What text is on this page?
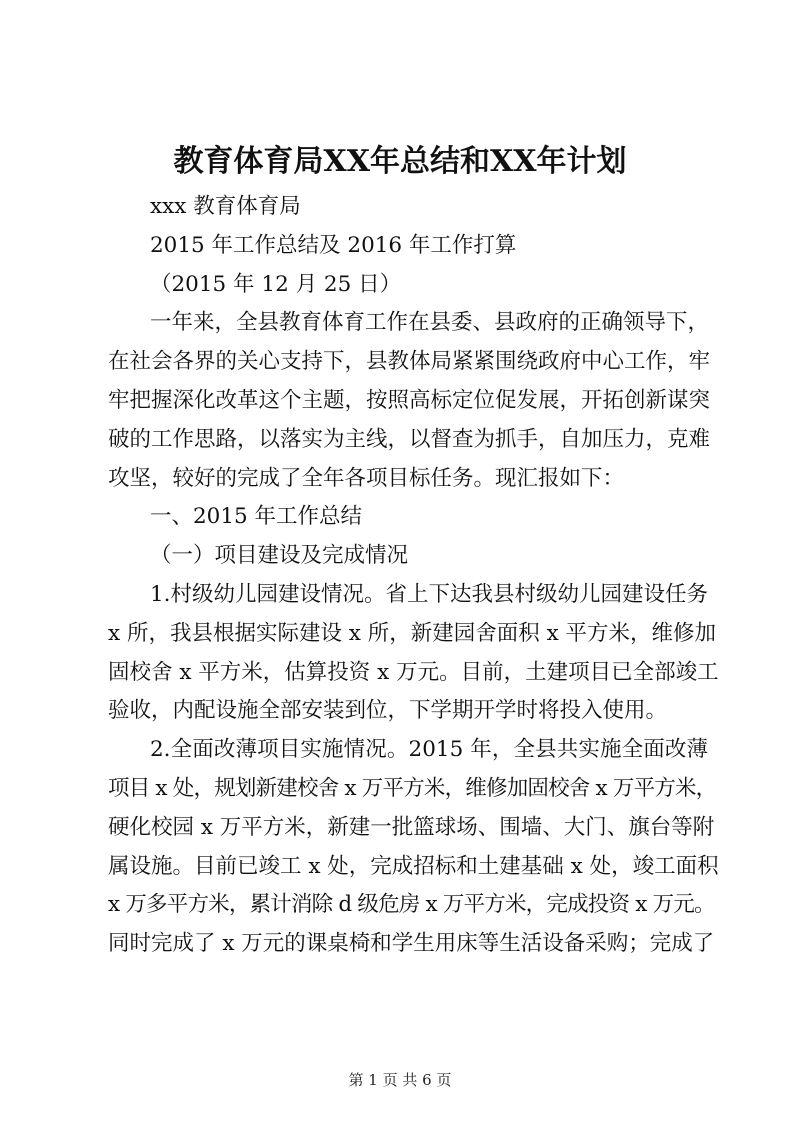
教育体育局XX年总结和XX年计划
xxx 教育体育局
2015 年工作总结及 2016 年工作打算
（2015 年 12 月 25 日）
一年来，全县教育体育工作在县委、县政府的正确领导下，
在社会各界的关心支持下，县教体局紧紧围绕政府中心工作，牢
牢把握深化改革这个主题，按照高标定位促发展，开拓创新谋突
破的工作思路，以落实为主线，以督查为抓手，自加压力，克难
攻坚，较好的完成了全年各项目标任务。现汇报如下：
一、2015 年工作总结
（一）项目建设及完成情况
1.村级幼儿园建设情况。省上下达我县村级幼儿园建设任务
x 所，我县根据实际建设 x 所，新建园舍面积 x 平方米，维修加
固校舍 x 平方米，估算投资 x 万元。目前，土建项目已全部竣工
验收，内配设施全部安装到位，下学期开学时将投入使用。
2.全面改薄项目实施情况。2015 年，全县共实施全面改薄
项目 x 处，规划新建校舍 x 万平方米，维修加固校舍 x 万平方米，
硬化校园 x 万平方米，新建一批篮球场、围墙、大门、旗台等附
属设施。目前已竣工 x 处，完成招标和土建基础 x 处，竣工面积
x 万多平方米，累计消除 d 级危房 x 万平方米，完成投资 x 万元。
同时完成了 x 万元的课桌椅和学生用床等生活设备采购；完成了
第 1 页 共 6 页
